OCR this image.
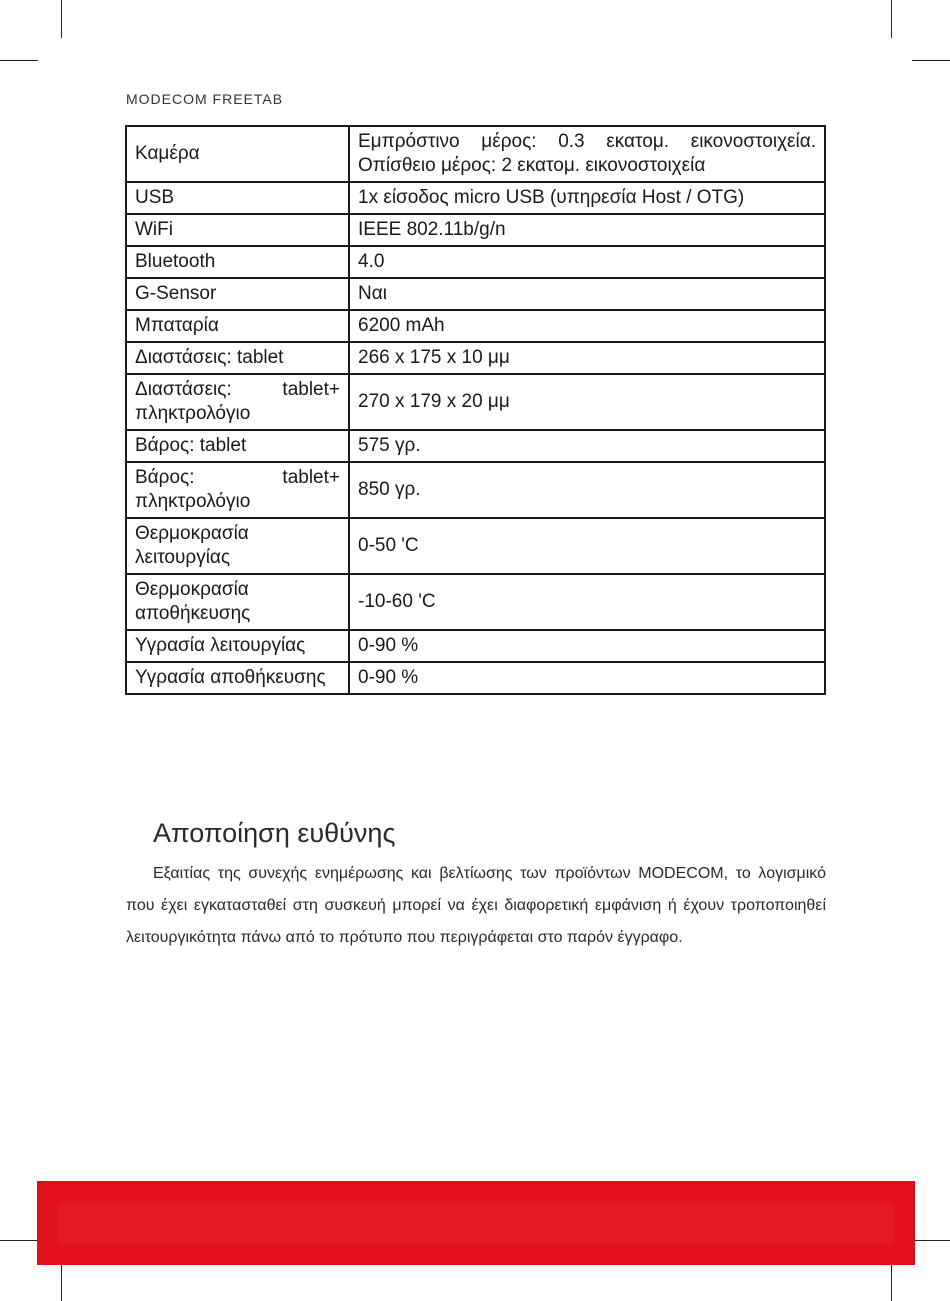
MODECOM FREETAB
Καμέρα	Εμπρόστινο μέρος: 0.3 εκατομ. εικονοστοιχεία. Οπίσθειο μέρος: 2 εκατομ. εικονοστοιχεία
USB	1x είσοδος micro USB (υπηρεσία Host / OTG)
WiFi	IEEE 802.11b/g/n
Bluetooth	4.0
G-Sensor	Ναι
Μπαταρία	6200 mAh
Διαστάσεις: tablet	266 x 175 x 10 μμ
Διαστάσεις: tablet+ πληκτρολόγιο	270 x 179 x 20 μμ
Βάρος: tablet	575 γρ.
Βάρος: tablet+ πληκτρολόγιο	850 γρ.
Θερμοκρασία λειτουργίας	0-50 'C
Θερμοκρασία αποθήκευσης	-10-60 'C
Υγρασία λειτουργίας	0-90 %
Υγρασία αποθήκευσης	0-90 %
Αποποίηση ευθύνης
Εξαιτίας της συνεχής ενημέρωσης και βελτίωσης των προϊόντων MODECOM, το λογισμικό που έχει εγκατασταθεί στη συσκευή μπορεί να έχει διαφορετική εμφάνιση ή έχουν τροποποιηθεί λειτουργικότητα πάνω από το πρότυπο που περιγράφεται στο παρόν έγγραφο.
